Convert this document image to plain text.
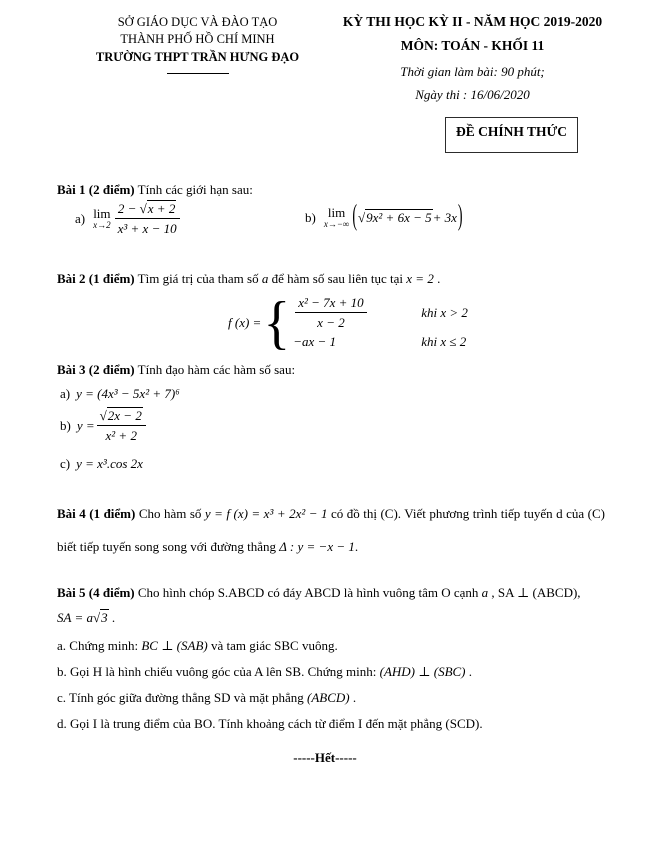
SỞ GIÁO DỤC VÀ ĐÀO TẠO
THÀNH PHỐ HỒ CHÍ MINH
TRƯỜNG THPT TRẦN HƯNG ĐẠO
KỲ THI HỌC KỲ II - NĂM HỌC 2019-2020
MÔN: TOÁN - KHỐI 11
Thời gian làm bài: 90 phút;
Ngày thi : 16/06/2020
ĐỀ CHÍNH THỨC
Bài 1 (2 điểm) Tính các giới hạn sau:
a) lim
$x\to 2 \frac{2 - √x + 2}{\text{x³ + x − 10}}$	b) lim
x→−∞ ( √ 9x² + 6x − 5 + 3x )
Bài 2 (1 điểm) Tìm giá trị của tham số a để hàm số sau liên tục tại x = 2 .
f (x) = { $\frac{\text{x² − 7x + 10}}{x - 2}$	khi x > 2
−ax − 1	khi x ≤ 2
Bài 3 (2 điểm) Tính đạo hàm các hàm số sau:
a) y = (4x³ − 5x² + 7)⁶
b) $y = \frac{√2x - 2}{\text{x² + 2}}$
c) y = x³.cos 2x
Bài 4 (1 điểm) Cho hàm số y = f (x) = x³ + 2x² − 1 có đồ thị (C). Viết phương trình tiếp tuyến d của (C) biết tiếp tuyến song song với đường thẳng Δ : y = −x − 1.
Bài 5 (4 điểm) Cho hình chóp S.ABCD có đáy ABCD là hình vuông tâm O cạnh a , SA ⊥ (ABCD),
SA = a√3 .
a. Chứng minh: BC ⊥ (SAB) và tam giác SBC vuông.
b. Gọi H là hình chiếu vuông góc của A lên SB. Chứng minh: (AHD) ⊥ (SBC) .
c. Tính góc giữa đường thẳng SD và mặt phẳng (ABCD) .
d. Gọi I là trung điểm của BO. Tính khoảng cách từ điểm I đến mặt phẳng (SCD).
-----Hết-----
